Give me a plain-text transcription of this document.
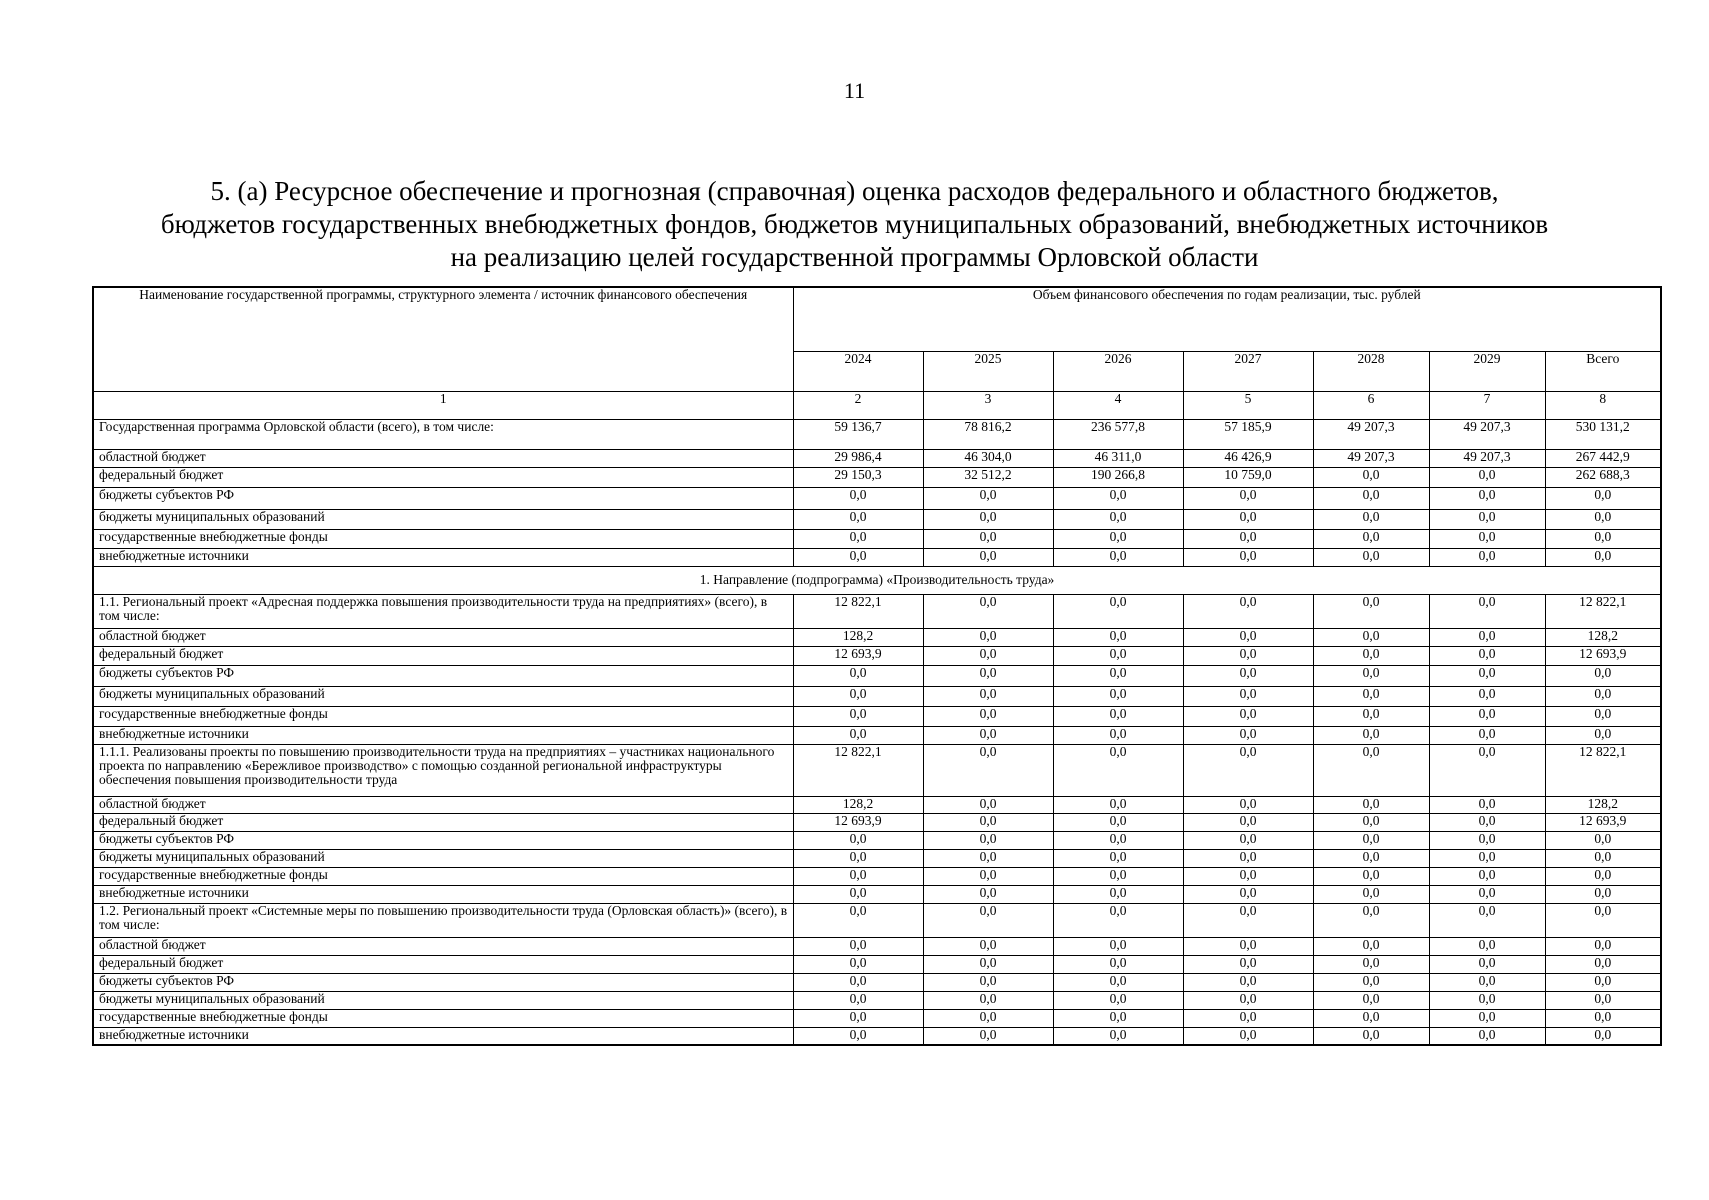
11
5. (а) Ресурсное обеспечение и прогнозная (справочная) оценка расходов федерального и областного бюджетов,
бюджетов государственных внебюджетных фондов, бюджетов муниципальных образований, внебюджетных источников
на реализацию целей государственной программы Орловской области
Наименование государственной программы, структурного элемента / источник финансового обеспечения	Объем финансового обеспечения по годам реализации, тыс. рублей						
	2024	2025	2026	2027	2028	2029	Всего
1	2	3	4	5	6	7	8
Государственная программа Орловской области (всего), в том числе:	59 136,7	78 816,2	236 577,8	57 185,9	49 207,3	49 207,3	530 131,2
областной бюджет	29 986,4	46 304,0	46 311,0	46 426,9	49 207,3	49 207,3	267 442,9
федеральный бюджет	29 150,3	32 512,2	190 266,8	10 759,0	0,0	0,0	262 688,3
бюджеты субъектов РФ	0,0	0,0	0,0	0,0	0,0	0,0	0,0
бюджеты муниципальных образований	0,0	0,0	0,0	0,0	0,0	0,0	0,0
государственные внебюджетные фонды	0,0	0,0	0,0	0,0	0,0	0,0	0,0
внебюджетные источники	0,0	0,0	0,0	0,0	0,0	0,0	0,0
1. Направление (подпрограмма) «Производительность труда»							
1.1. Региональный проект «Адресная поддержка повышения производительности труда на предприятиях» (всего), в том числе:	12 822,1	0,0	0,0	0,0	0,0	0,0	12 822,1
областной бюджет	128,2	0,0	0,0	0,0	0,0	0,0	128,2
федеральный бюджет	12 693,9	0,0	0,0	0,0	0,0	0,0	12 693,9
бюджеты субъектов РФ	0,0	0,0	0,0	0,0	0,0	0,0	0,0
бюджеты муниципальных образований	0,0	0,0	0,0	0,0	0,0	0,0	0,0
государственные внебюджетные фонды	0,0	0,0	0,0	0,0	0,0	0,0	0,0
внебюджетные источники	0,0	0,0	0,0	0,0	0,0	0,0	0,0
1.1.1. Реализованы проекты по повышению производительности труда на предприятиях – участниках национального проекта по направлению «Бережливое производство» с помощью созданной региональной инфраструктуры обеспечения повышения производительности труда	12 822,1	0,0	0,0	0,0	0,0	0,0	12 822,1
областной бюджет	128,2	0,0	0,0	0,0	0,0	0,0	128,2
федеральный бюджет	12 693,9	0,0	0,0	0,0	0,0	0,0	12 693,9
бюджеты субъектов РФ	0,0	0,0	0,0	0,0	0,0	0,0	0,0
бюджеты муниципальных образований	0,0	0,0	0,0	0,0	0,0	0,0	0,0
государственные внебюджетные фонды	0,0	0,0	0,0	0,0	0,0	0,0	0,0
внебюджетные источники	0,0	0,0	0,0	0,0	0,0	0,0	0,0
1.2. Региональный проект «Системные меры по повышению производительности труда (Орловская область)» (всего), в том числе:	0,0	0,0	0,0	0,0	0,0	0,0	0,0
областной бюджет	0,0	0,0	0,0	0,0	0,0	0,0	0,0
федеральный бюджет	0,0	0,0	0,0	0,0	0,0	0,0	0,0
бюджеты субъектов РФ	0,0	0,0	0,0	0,0	0,0	0,0	0,0
бюджеты муниципальных образований	0,0	0,0	0,0	0,0	0,0	0,0	0,0
государственные внебюджетные фонды	0,0	0,0	0,0	0,0	0,0	0,0	0,0
внебюджетные источники	0,0	0,0	0,0	0,0	0,0	0,0	0,0
